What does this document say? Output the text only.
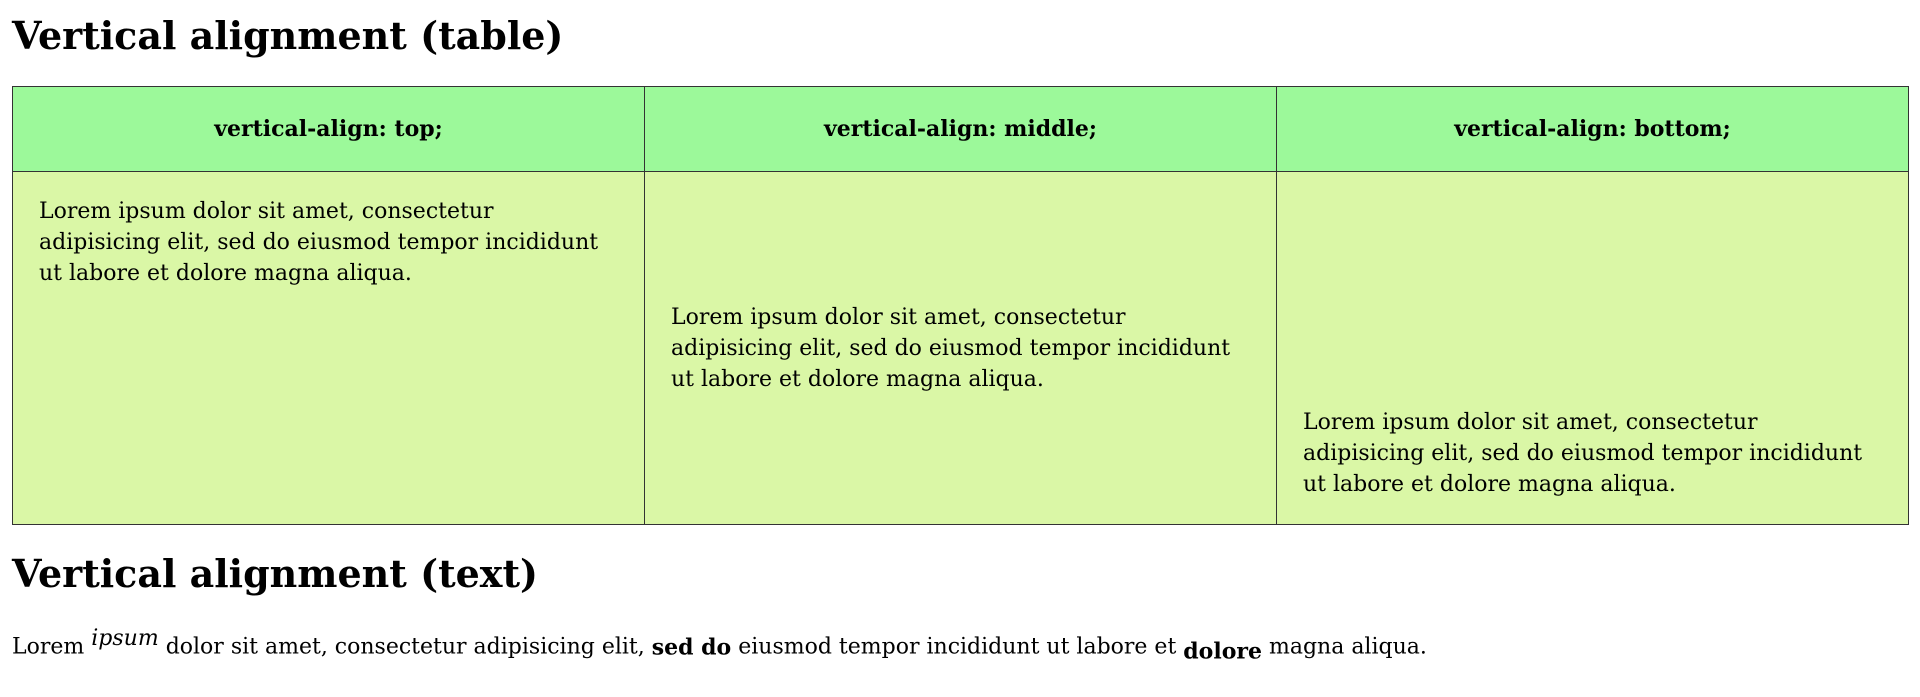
Vertical alignment (table)
vertical-align: top;	vertical-align: middle;	vertical-align: bottom;
Lorem ipsum dolor sit amet, consectetur adipisicing elit, sed do eiusmod tempor incididunt ut labore et dolore magna aliqua.	Lorem ipsum dolor sit amet, consectetur adipisicing elit, sed do eiusmod tempor incididunt ut labore et dolore magna aliqua.	Lorem ipsum dolor sit amet, consectetur adipisicing elit, sed do eiusmod tempor incididunt ut labore et dolore magna aliqua.
Vertical alignment (text)

Lorem ipsum dolor sit amet, consectetur adipisicing elit, sed do eiusmod tempor incididunt ut labore et dolore magna aliqua.
